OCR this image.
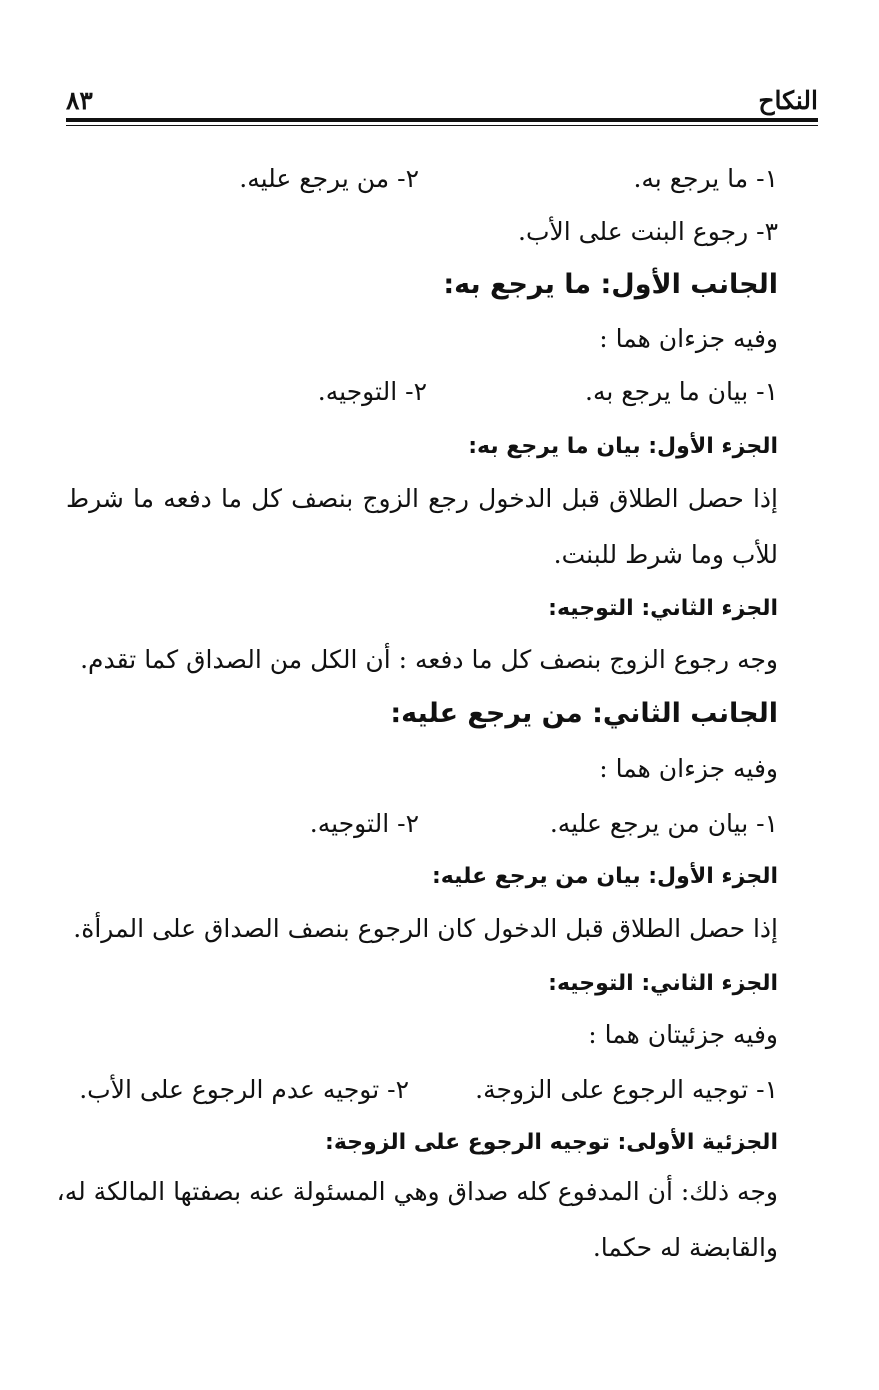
النكاح
٨٣
١- ما يرجع به.
٢- من يرجع عليه.
٣- رجوع البنت على الأب.
الجانب الأول: ما يرجع به:
وفيه جزءان هما :
١- بيان ما يرجع به.
٢- التوجيه.
الجزء الأول: بيان ما يرجع به:
إذا حصل الطلاق قبل الدخول رجع الزوج بنصف كل ما دفعه ما شرط
للأب وما شرط للبنت.
الجزء الثاني: التوجيه:
وجه رجوع الزوج بنصف كل ما دفعه : أن الكل من الصداق كما تقدم.
الجانب الثاني: من يرجع عليه:
وفيه جزءان هما :
١- بيان من يرجع عليه.
٢- التوجيه.
الجزء الأول: بيان من يرجع عليه:
إذا حصل الطلاق قبل الدخول كان الرجوع بنصف الصداق على المرأة.
الجزء الثاني: التوجيه:
وفيه جزئيتان هما :
١- توجيه الرجوع على الزوجة.
٢- توجيه عدم الرجوع على الأب.
الجزئية الأولى: توجيه الرجوع على الزوجة:
وجه ذلك: أن المدفوع كله صداق وهي المسئولة عنه بصفتها المالكة له،
والقابضة له حكما.
